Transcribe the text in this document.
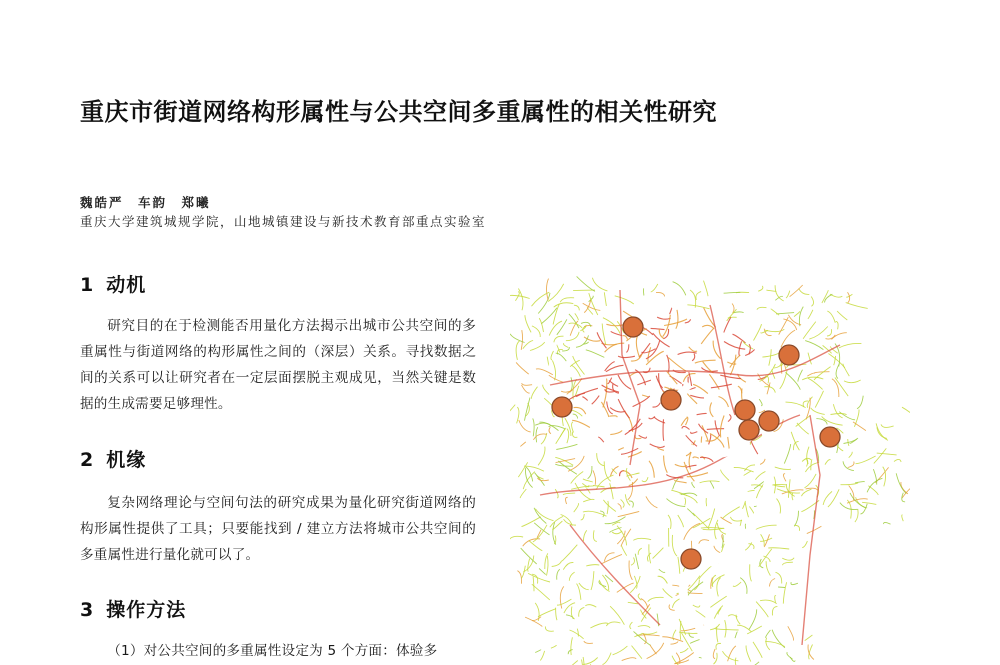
重庆市街道网络构形属性与公共空间多重属性的相关性研究
魏皓严　车韵　郑曦
重庆大学建筑城规学院，山地城镇建设与新技术教育部重点实验室
1 动机
研究目的在于检测能否用量化方法揭示出城市公共空间的多重属性与街道网络的构形属性之间的（深层）关系。寻找数据之间的关系可以让研究者在一定层面摆脱主观成见，当然关键是数据的生成需要足够理性。
2 机缘
复杂网络理论与空间句法的研究成果为量化研究街道网络的构形属性提供了工具；只要能找到 / 建立方法将城市公共空间的多重属性进行量化就可以了。
3 操作方法
（1）对公共空间的多重属性设定为 5 个方面：体验多
